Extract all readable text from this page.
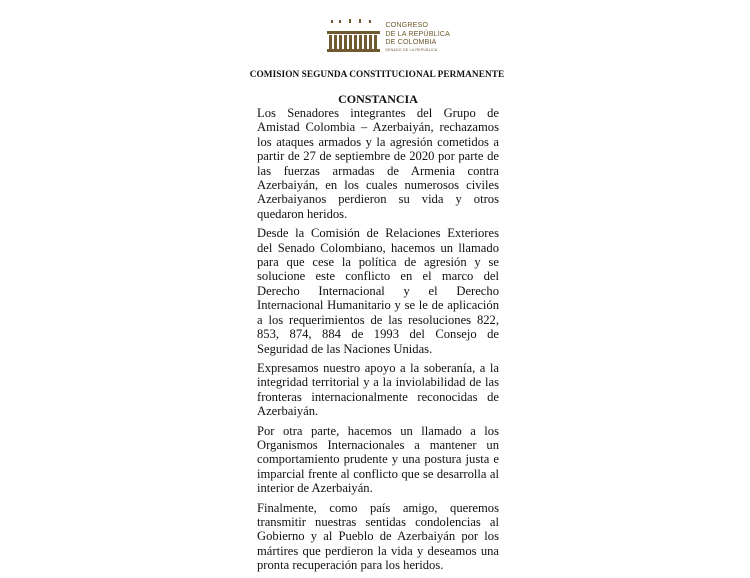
CONGRESO
DE LA REPÚBLICA
DE COLOMBIA
SENADO DE LA REPÚBLICA
COMISION SEGUNDA CONSTITUCIONAL PERMANENTE
CONSTANCIA

Los Senadores integrantes del Grupo de Amistad Colombia – Azerbaiyán, rechazamos los ataques armados y la agresión cometidos a partir de 27 de septiembre de 2020 por parte de las fuerzas armadas de Armenia contra Azerbaiyán, en los cuales numerosos civiles Azerbaiyanos perdieron su vida y otros quedaron heridos.

Desde la Comisión de Relaciones Exteriores del Senado Colombiano, hacemos un llamado para que cese la política de agresión y se solucione este conflicto en el marco del Derecho Internacional y el Derecho Internacional Humanitario y se le de aplicación a los requerimientos de las resoluciones 822, 853, 874, 884 de 1993 del Consejo de Seguridad de las Naciones Unidas.

Expresamos nuestro apoyo a la soberanía, a la integridad territorial y a la inviolabilidad de las fronteras internacionalmente reconocidas de Azerbaiyán.

Por otra parte, hacemos un llamado a los Organismos Internacionales a mantener un comportamiento prudente y una postura justa e imparcial frente al conflicto que se desarrolla al interior de Azerbaiyán.

Finalmente, como país amigo, queremos transmitir nuestras sentidas condolencias al Gobierno y al Pueblo de Azerbaiyán por los mártires que perdieron la vida y deseamos una pronta recuperación para los heridos.
